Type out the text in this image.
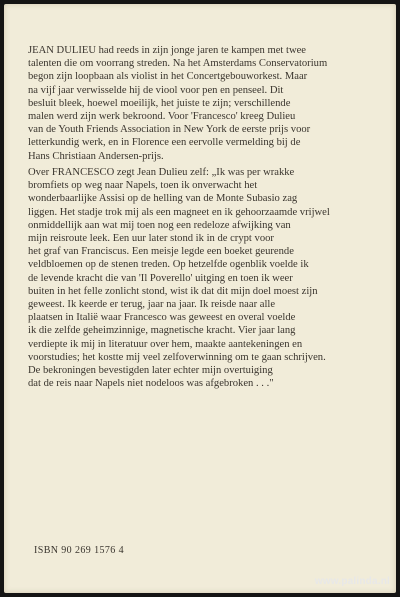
JEAN DULIEU had reeds in zijn jonge jaren te kampen met twee
talenten die om voorrang streden. Na het Amsterdams Conservatorium
begon zijn loopbaan als violist in het Concertgebouworkest. Maar
na vijf jaar verwisselde hij de viool voor pen en penseel. Dit
besluit bleek, hoewel moeilijk, het juiste te zijn; verschillende
malen werd zijn werk bekroond. Voor 'Francesco' kreeg Dulieu
van de Youth Friends Association in New York de eerste prijs voor
letterkundig werk, en in Florence een eervolle vermelding bij de
Hans Christiaan Andersen-prijs.

Over FRANCESCO zegt Jean Dulieu zelf: „Ik was per wrakke
bromfiets op weg naar Napels, toen ik onverwacht het
wonderbaarlijke Assisi op de helling van de Monte Subasio zag
liggen. Het stadje trok mij als een magneet en ik gehoorzaamde vrijwel
onmiddellijk aan wat mij toen nog een redeloze afwijking van
mijn reisroute leek. Een uur later stond ik in de crypt voor
het graf van Franciscus. Een meisje legde een boeket geurende
veldbloemen op de stenen treden. Op hetzelfde ogenblik voelde ik
de levende kracht die van 'Il Poverello' uitging en toen ik weer
buiten in het felle zonlicht stond, wist ik dat dit mijn doel moest zijn
geweest. Ik keerde er terug, jaar na jaar. Ik reisde naar alle
plaatsen in Italië waar Francesco was geweest en overal voelde
ik die zelfde geheimzinnige, magnetische kracht. Vier jaar lang
verdiepte ik mij in literatuur over hem, maakte aantekeningen en
voorstudies; het kostte mij veel zelfoverwinning om te gaan schrijven.
De bekroningen bevestigden later echter mijn overtuiging
dat de reis naar Napels niet nodeloos was afgebroken . . ."

ISBN 90 269 1576 4
www.palinda.nl
